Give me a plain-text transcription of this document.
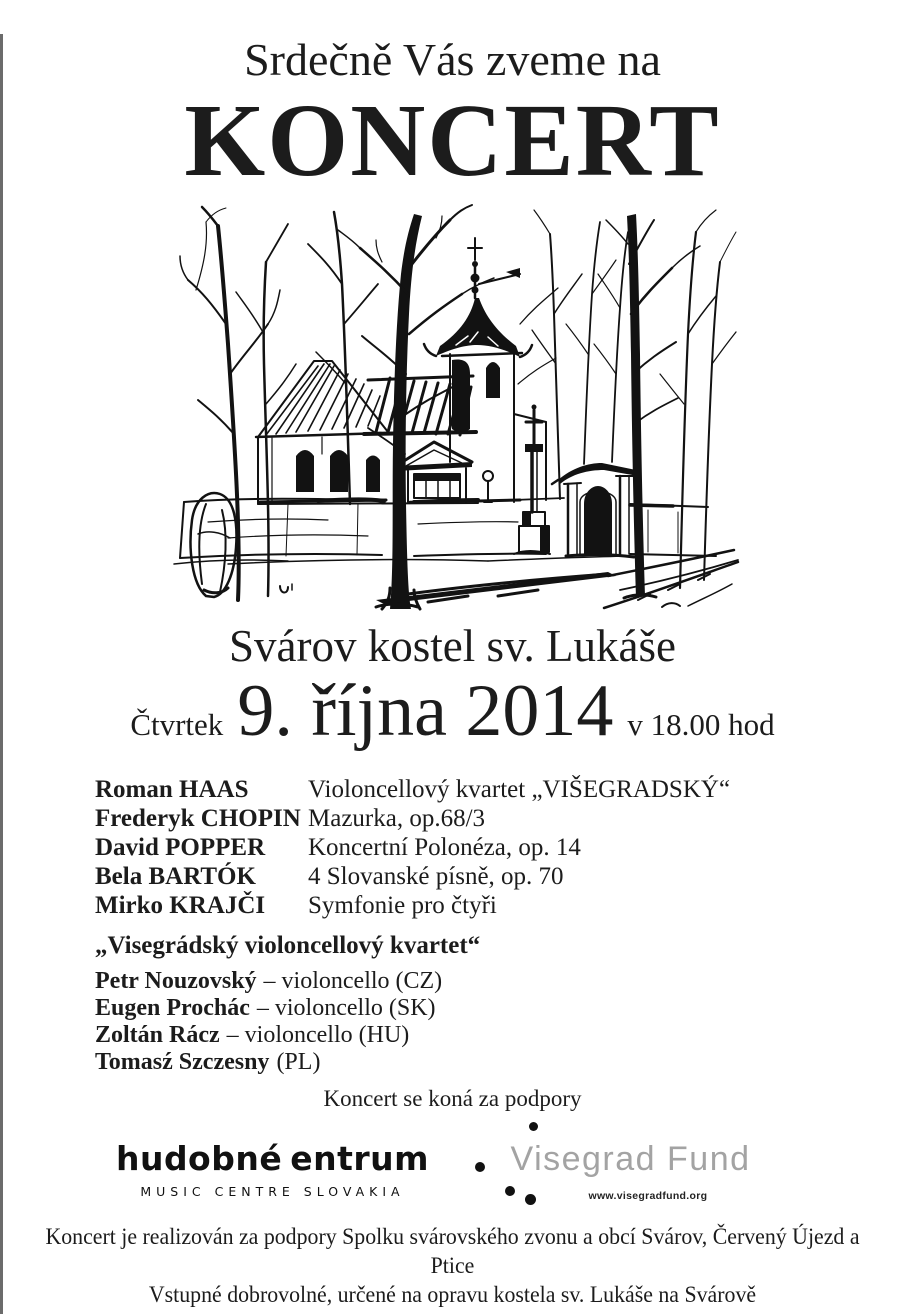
Srdečně Vás zveme na
KONCERT
Svárov kostel sv. Lukáše
Čtvrtek 9. října 2014 v 18.00 hod
Roman HAAS Violoncellový kvartet „VIŠEGRADSKÝ“
Frederyk CHOPIN Mazurka, op.68/3
David POPPER Koncertní Polonéza, op. 14
Bela BARTÓK 4 Slovanské písně, op. 70
Mirko KRAJČI Symfonie pro čtyři
„Visegrádský violoncellový kvartet“
Petr Nouzovský – violoncello (CZ)
Eugen Prochác – violoncello (SK)
Zoltán Rácz – violoncello (HU)
Tomasź Szczesny (PL)
Koncert se koná za podpory
hudobné entrum
MUSIC CENTRE SLOVAKIA
Visegrad Fund
www.visegradfund.org
Koncert je realizován za podpory Spolku svárovského zvonu a obcí Svárov, Červený Újezd a Ptice
Vstupné dobrovolné, určené na opravu kostela sv. Lukáše na Svárově
